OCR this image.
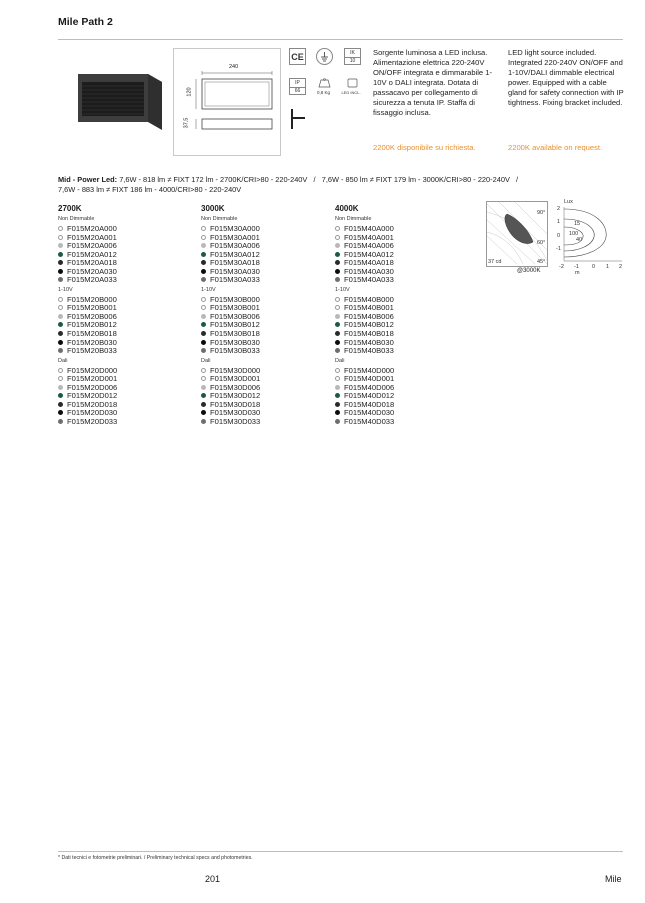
Mile Path 2
240
120
37,5
CE	IK
10
IP
66	0,8 Kg	LED INCL.
Sorgente luminosa a LED inclusa. Alimentazione elettrica 220-240V ON/OFF integrata e dimmarabile 1-10V o DALI integrata. Dotata di passacavo per collegamento di sicurezza a tenuta IP. Staffa di fissaggio inclusa.
LED light source included. Integrated 220-240V ON/OFF and 1-10V/DALI dimmable electrical power. Equipped with a cable gland for safety connection with IP tightness. Fixing bracket included.
2200K disponibile su richiesta.	2200K available on request.
Mid - Power Led: 7,6W - 818 lm ≠ FIXT 172 lm - 2700K/CRI>80 - 220-240V   /   7,6W - 850 lm ≠ FIXT 179 lm - 3000K/CRI>80 - 220-240V   /
7,6W - 883 lm ≠ FIXT 186 lm - 4000/CRI>80 - 220-240V
2700K
Non Dimmable
F015M20A000
F015M20A001
F015M20A006
F015M20A012
F015M20A018
F015M20A030
F015M20A033
1-10V
F015M20B000
F015M20B001
F015M20B006
F015M20B012
F015M20B018
F015M20B030
F015M20B033
Dali
F015M20D000
F015M20D001
F015M20D006
F015M20D012
F015M20D018
F015M20D030
F015M20D033
3000K
Non Dimmable
F015M30A000
F015M30A001
F015M30A006
F015M30A012
F015M30A018
F015M30A030
F015M30A033
1-10V
F015M30B000
F015M30B001
F015M30B006
F015M30B012
F015M30B018
F015M30B030
F015M30B033
Dali
F015M30D000
F015M30D001
F015M30D006
F015M30D012
F015M30D018
F015M30D030
F015M30D033
4000K
Non Dimmable
F015M40A000
F015M40A001
F015M40A006
F015M40A012
F015M40A018
F015M40A030
F015M40A033
1-10V
F015M40B000
F015M40B001
F015M40B006
F015M40B012
F015M40B018
F015M40B030
F015M40B033
Dali
F015M40D000
F015M40D001
F015M40D006
F015M40D012
F015M40D018
F015M40D030
F015M40D033
90°
60°
37 cd	45°
@3000K
Lux
2
1
0
-1
15
100
40
-2 -1 0 1 2
m
* Dati tecnici e fotometrie preliminari. / Preliminary technical specs and photometries.
201	Mile
